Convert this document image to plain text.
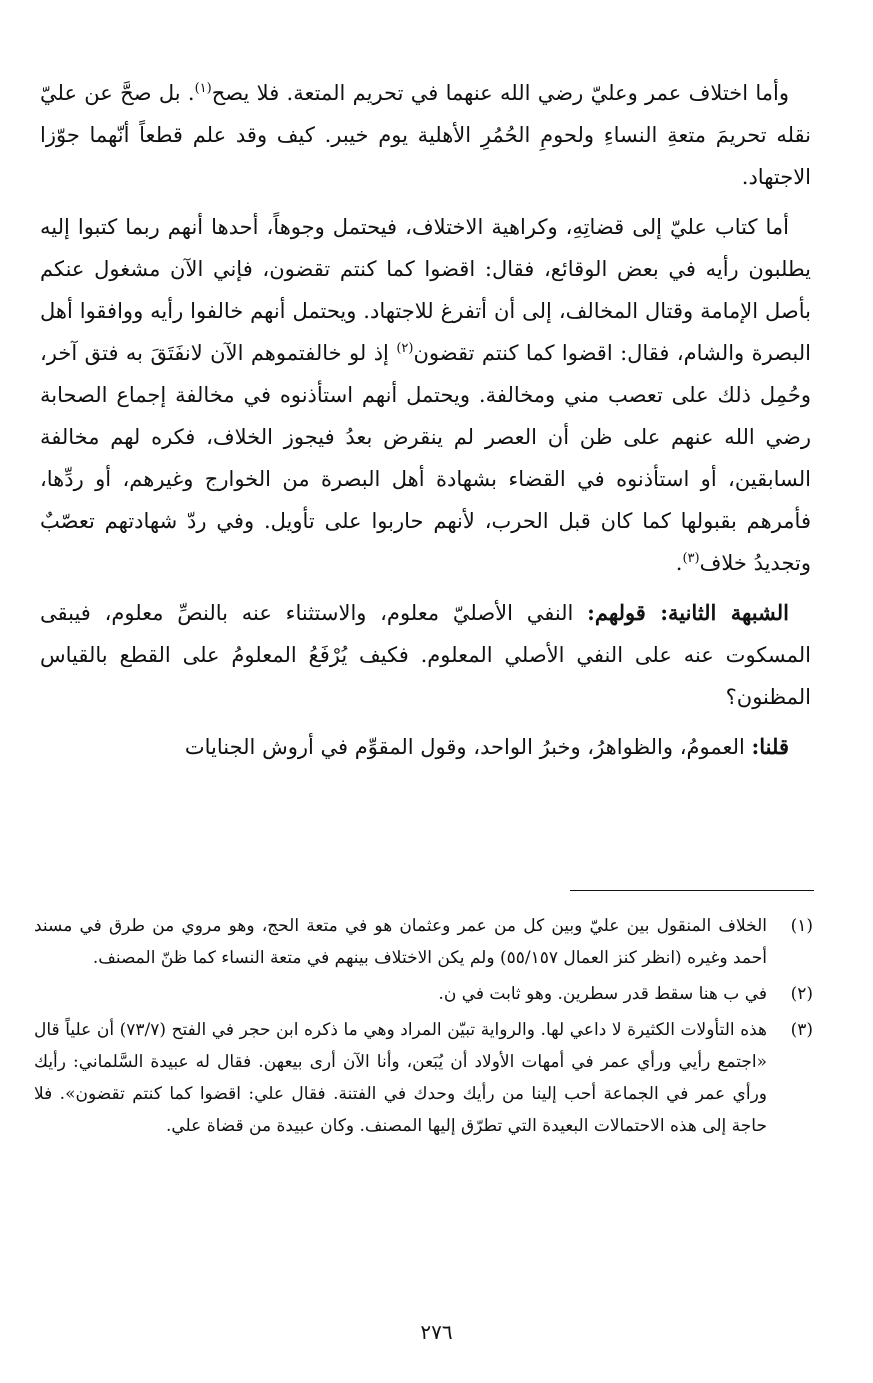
وأما اختلاف عمر وعليّ رضي الله عنهما في تحريم المتعة. فلا يصح$^{(١)}$. بل صحَّ عن عليّ نقله تحريمَ متعةِ النساءِ ولحومِ الحُمُرِ الأهلية يوم خيبر. كيف وقد علم قطعاً أنّهما جوّزا الاجتهاد.

أما كتاب عليّ إلى قضاتِهِ، وكراهية الاختلاف، فيحتمل وجوهاً، أحدها أنهم ربما كتبوا إليه يطلبون رأيه في بعض الوقائع، فقال: اقضوا كما كنتم تقضون، فإني الآن مشغول عنكم بأصل الإمامة وقتال المخالف، إلى أن أتفرغ للاجتهاد. ويحتمل أنهم خالفوا رأيه ووافقوا أهل البصرة والشام، فقال: اقضوا كما كنتم تقضون$^{(٢)}$ إذ لو خالفتموهم الآن لانفَتَقَ به فتق آخر، وحُمِل ذلك على تعصب مني ومخالفة. ويحتمل أنهم استأذنوه في مخالفة إجماع الصحابة رضي الله عنهم على ظن أن العصر لم ينقرض بعدُ فيجوز الخلاف، فكره لهم مخالفة السابقين، أو استأذنوه في القضاء بشهادة أهل البصرة من الخوارج وغيرهم، أو ردِّها، فأمرهم بقبولها كما كان قبل الحرب، لأنهم حاربوا على تأويل. وفي ردّ شهادتهم تعصّبٌ وتجديدُ خلاف$^{(٣)}$.

الشبهة الثانية: قولهم: النفي الأصليّ معلوم، والاستثناء عنه بالنصِّ معلوم، فيبقى المسكوت عنه على النفي الأصلي المعلوم. فكيف يُرْفَعُ المعلومُ على القطع بالقياس المظنون؟

قلنا: العمومُ، والظواهرُ، وخبرُ الواحد، وقول المقوِّم في أروش الجنايات

(١)
الخلاف المنقول بين عليّ وبين كل من عمر وعثمان هو في متعة الحج، وهو مروي من طرق في مسند أحمد وغيره (انظر كنز العمال ٥٥/١٥٧) ولم يكن الاختلاف بينهم في متعة النساء كما ظنّ المصنف.
(٢)
في ب هنا سقط قدر سطرين. وهو ثابت في ن.
(٣)
هذه التأولات الكثيرة لا داعي لها. والرواية تبيّن المراد وهي ما ذكره ابن حجر في الفتح (٧٣/٧) أن علياً قال «اجتمع رأيي ورأي عمر في أمهات الأولاد أن يُبَعن، وأنا الآن أرى بيعهن. فقال له عبيدة السَّلماني: رأيك ورأي عمر في الجماعة أحب إلينا من رأيك وحدك في الفتنة. فقال علي: اقضوا كما كنتم تقضون». فلا حاجة إلى هذه الاحتمالات البعيدة التي تطرّق إليها المصنف. وكان عبيدة من قضاة علي.
٢٧٦
